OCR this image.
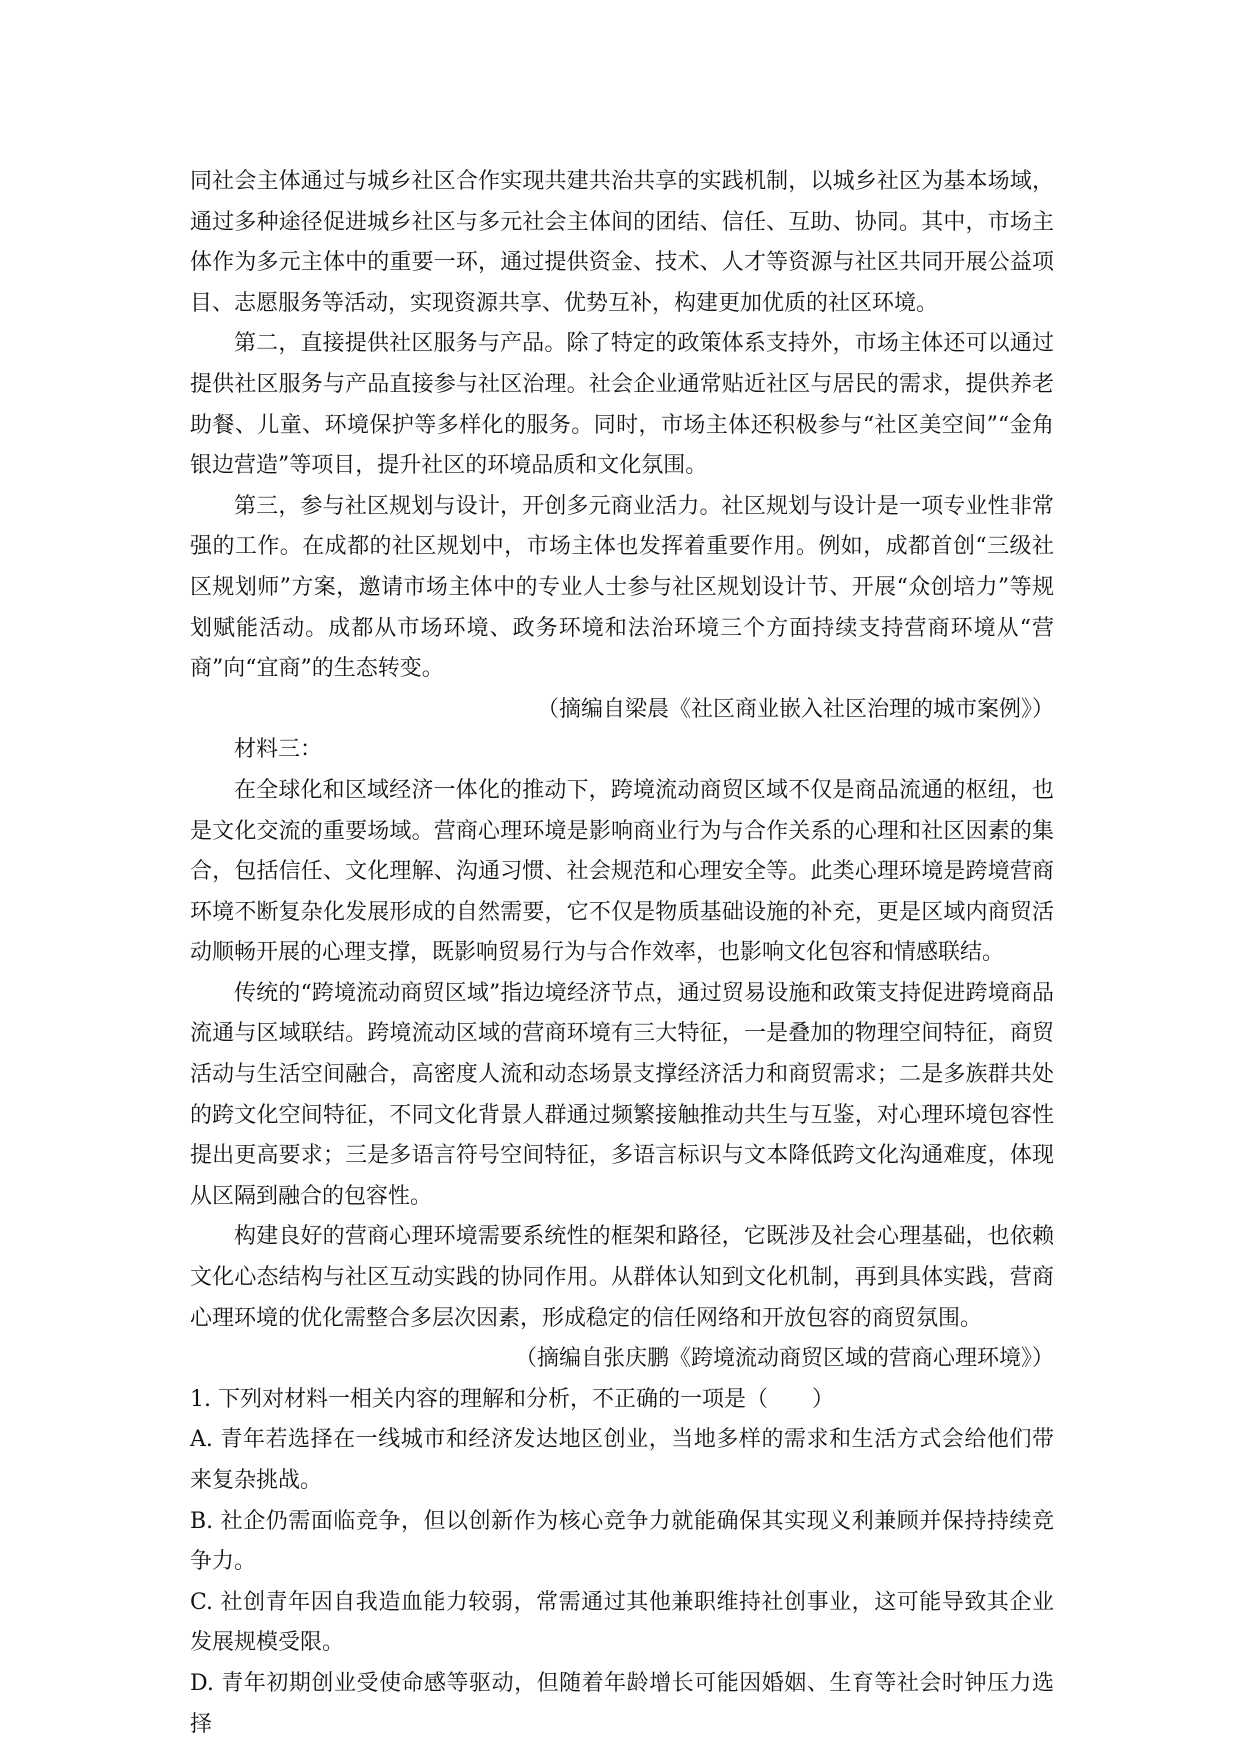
同社会主体通过与城乡社区合作实现共建共治共享的实践机制，以城乡社区为基本场域，通过多种途径促进城乡社区与多元社会主体间的团结、信任、互助、协同。其中，市场主体作为多元主体中的重要一环，通过提供资金、技术、人才等资源与社区共同开展公益项目、志愿服务等活动，实现资源共享、优势互补，构建更加优质的社区环境。

第二，直接提供社区服务与产品。除了特定的政策体系支持外，市场主体还可以通过提供社区服务与产品直接参与社区治理。社会企业通常贴近社区与居民的需求，提供养老助餐、儿童、环境保护等多样化的服务。同时，市场主体还积极参与“社区美空间”“金角银边营造”等项目，提升社区的环境品质和文化氛围。

第三，参与社区规划与设计，开创多元商业活力。社区规划与设计是一项专业性非常强的工作。在成都的社区规划中，市场主体也发挥着重要作用。例如，成都首创“三级社区规划师”方案，邀请市场主体中的专业人士参与社区规划设计节、开展“众创培力”等规划赋能活动。成都从市场环境、政务环境和法治环境三个方面持续支持营商环境从“营商”向“宜商”的生态转变。

（摘编自梁晨《社区商业嵌入社区治理的城市案例》）

材料三：

在全球化和区域经济一体化的推动下，跨境流动商贸区域不仅是商品流通的枢纽，也是文化交流的重要场域。营商心理环境是影响商业行为与合作关系的心理和社区因素的集合，包括信任、文化理解、沟通习惯、社会规范和心理安全等。此类心理环境是跨境营商环境不断复杂化发展形成的自然需要，它不仅是物质基础设施的补充，更是区域内商贸活动顺畅开展的心理支撑，既影响贸易行为与合作效率，也影响文化包容和情感联结。

传统的“跨境流动商贸区域”指边境经济节点，通过贸易设施和政策支持促进跨境商品流通与区域联结。跨境流动区域的营商环境有三大特征，一是叠加的物理空间特征，商贸活动与生活空间融合，高密度人流和动态场景支撑经济活力和商贸需求；二是多族群共处的跨文化空间特征，不同文化背景人群通过频繁接触推动共生与互鉴，对心理环境包容性提出更高要求；三是多语言符号空间特征，多语言标识与文本降低跨文化沟通难度，体现从区隔到融合的包容性。

构建良好的营商心理环境需要系统性的框架和路径，它既涉及社会心理基础，也依赖文化心态结构与社区互动实践的协同作用。从群体认知到文化机制，再到具体实践，营商心理环境的优化需整合多层次因素，形成稳定的信任网络和开放包容的商贸氛围。

（摘编自张庆鹏《跨境流动商贸区域的营商心理环境》）

1. 下列对材料一相关内容的理解和分析，不正确的一项是（　　）

A. 青年若选择在一线城市和经济发达地区创业，当地多样的需求和生活方式会给他们带来复杂挑战。

B. 社企仍需面临竞争，但以创新作为核心竞争力就能确保其实现义利兼顾并保持持续竞争力。

C. 社创青年因自我造血能力较弱，常需通过其他兼职维持社创事业，这可能导致其企业发展规模受限。

D. 青年初期创业受使命感等驱动，但随着年龄增长可能因婚姻、生育等社会时钟压力选择
